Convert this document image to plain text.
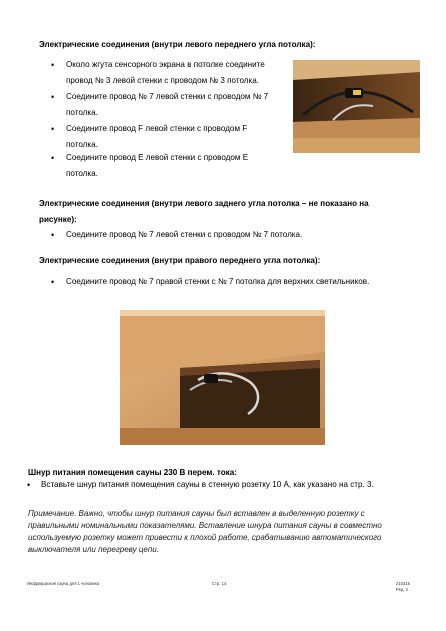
Электрические соединения (внутри левого переднего угла потолка):
• Около жгута сенсорного экрана в потолке соедините
провод № 3 левой стенки с проводом № 3 потолка.
• Соедините провод № 7 левой стенки с проводом № 7
потолка.
• Соедините провод F левой стенки с проводом F
потолка.
• Соедините провод E левой стенки с проводом E
потолка.
Электрические соединения (внутри левого заднего угла потолка – не показано на
рисунке):
• Соедините провод № 7 левой стенки с проводом № 7 потолка.
Электрические соединения (внутри правого переднего угла потолка):
• Соедините провод № 7 правой стенки с № 7 потолка для верхних светильников.
Шнур питания помещения сауны 230 В перем. тока:
• Вставьте шнур питания помещения сауны в стенную розетку 10 А, как указано на стр. 3.
Примечание. Важно, чтобы шнур питания сауны был вставлен в выделенную розетку с
правильными номинальными показателями. Вставление шнура питания сауны в совместно
используемую розетку может привести к плохой работе, срабатыванию автоматического
выключателя или перегреву цепи.
Инфракрасная сауна для 1 человека	Стр. 14	210315
Ред. 2
